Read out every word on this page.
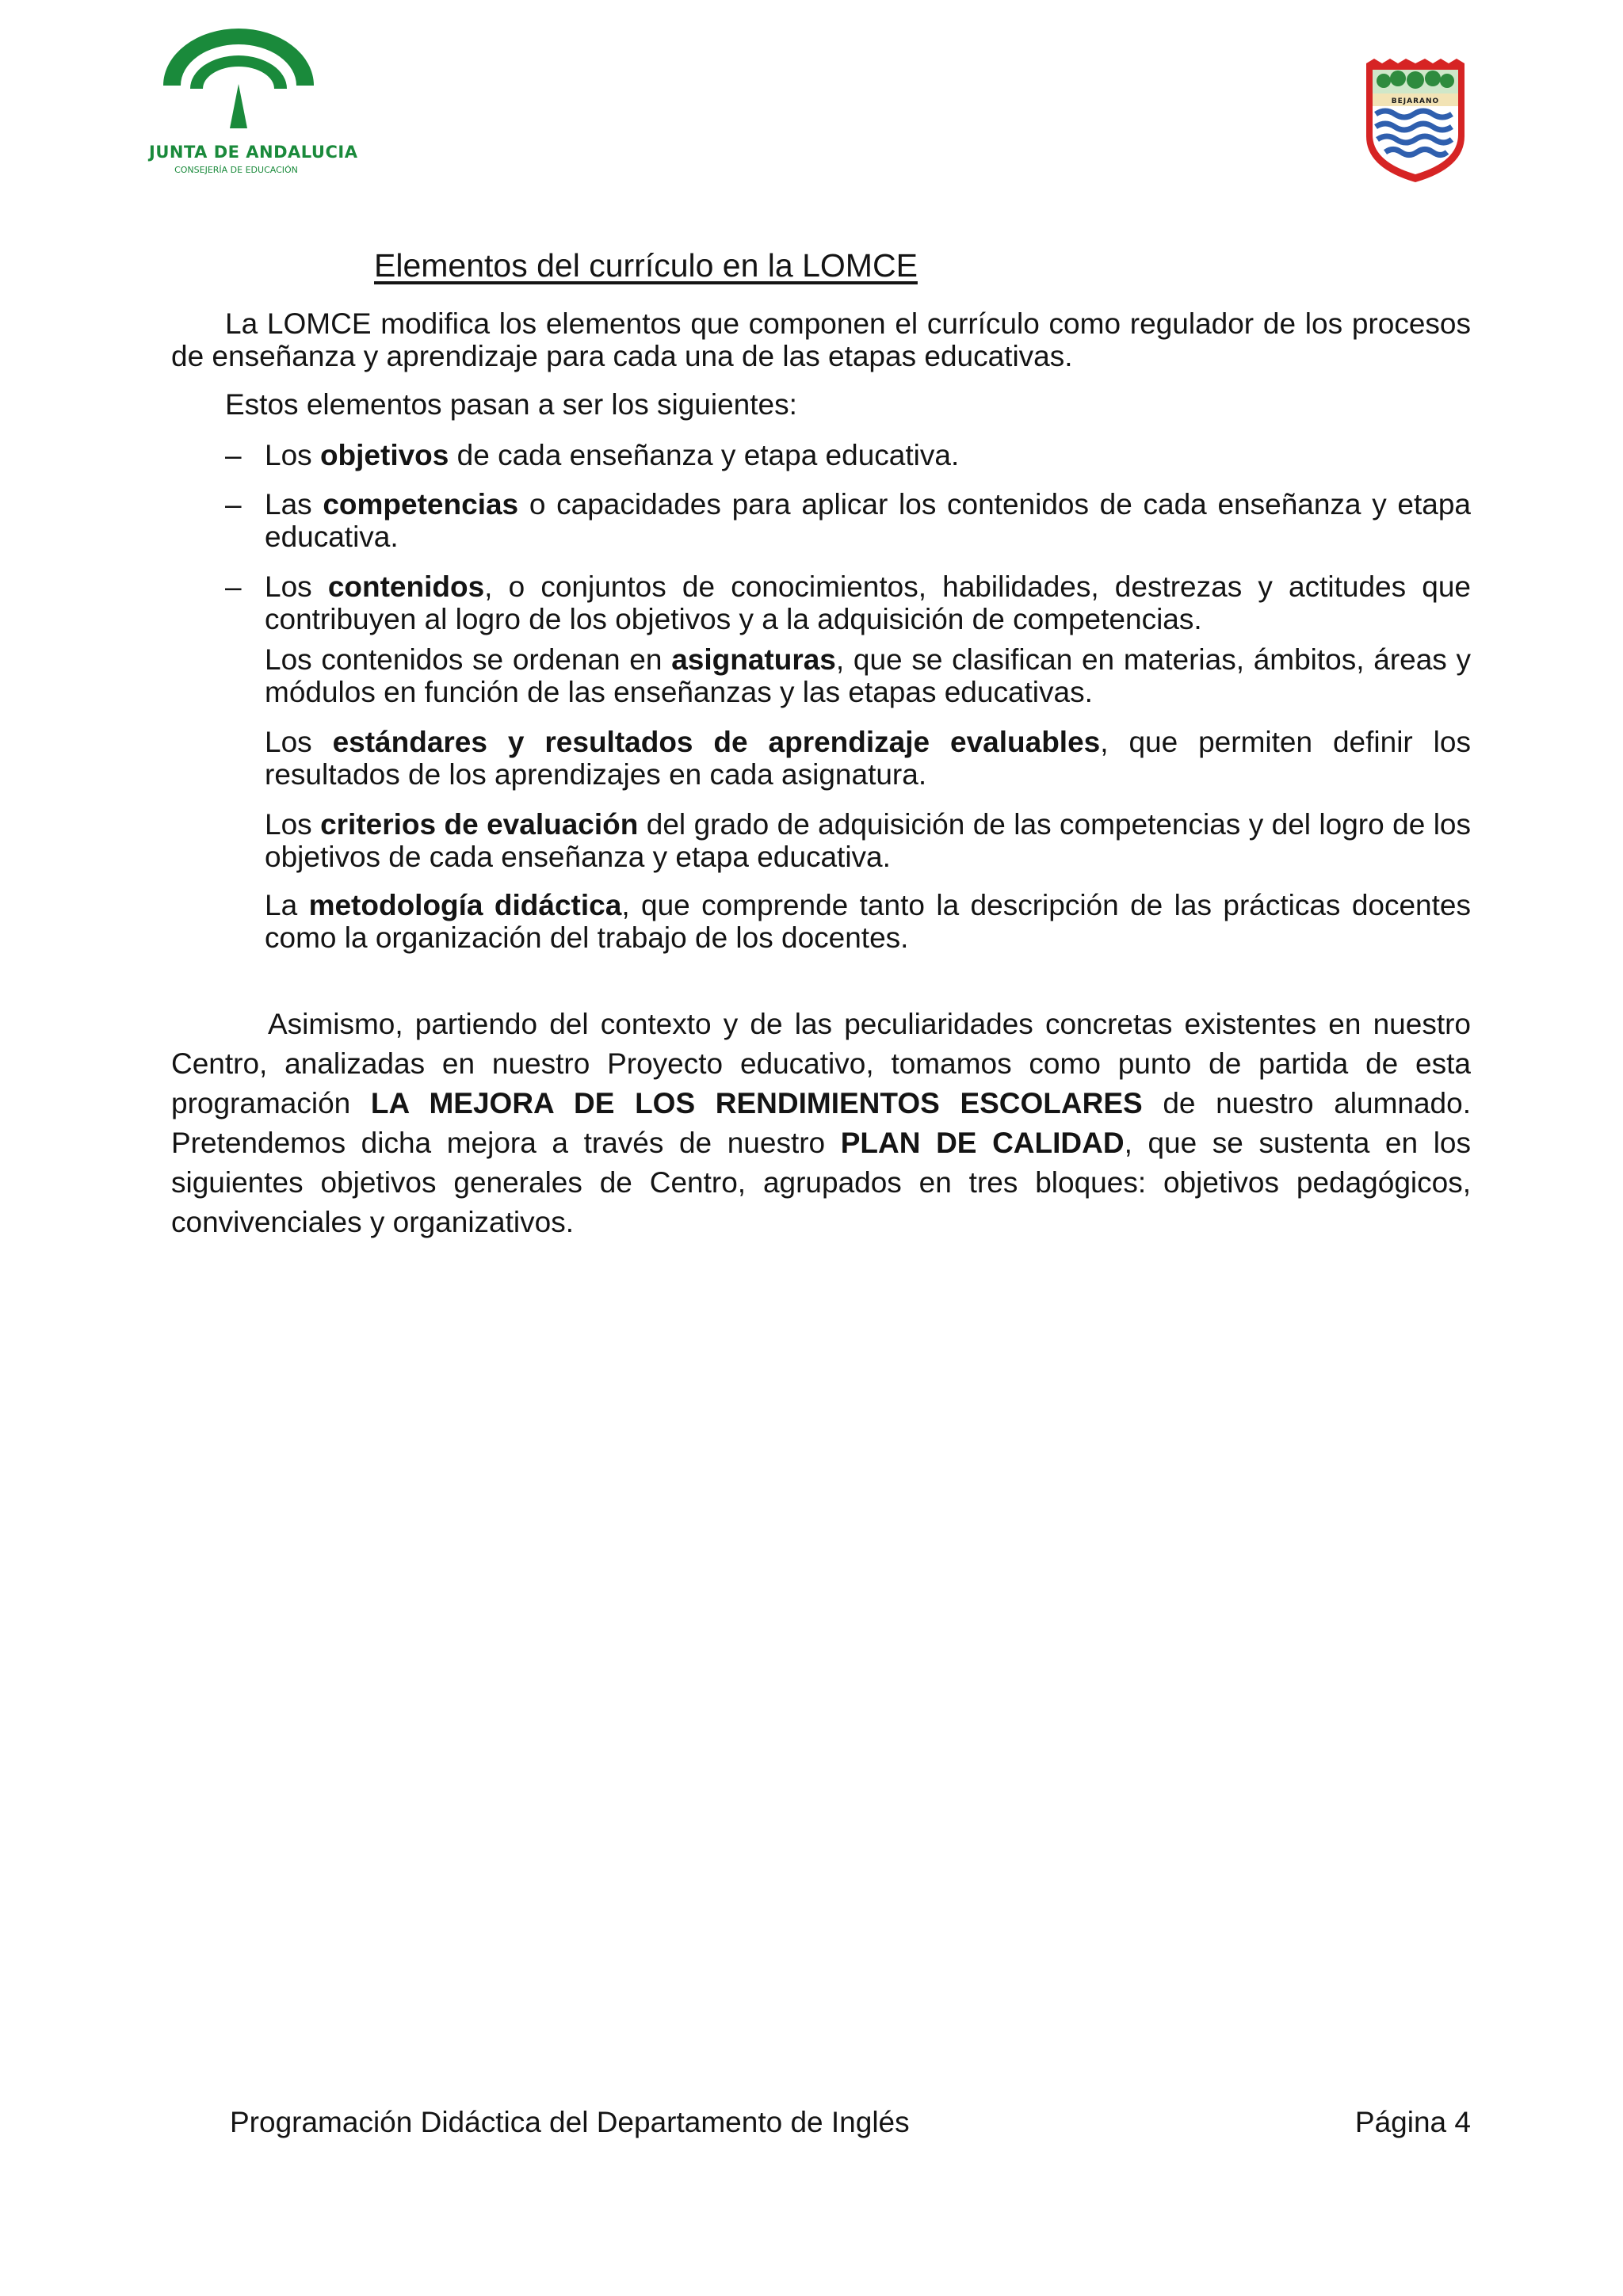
JUNTA DE ANDALUCIA
CONSEJERÍA DE EDUCACIÓN
BEJARANO
Elementos del currículo en la LOMCE

La LOMCE modifica los elementos que componen el currículo como regulador de los procesos de enseñanza y aprendizaje para cada una de las etapas educativas.

Estos elementos pasan a ser los siguientes:

– Los objetivos de cada enseñanza y etapa educativa.
– Las competencias o capacidades para aplicar los contenidos de cada enseñanza y etapa educativa.
– Los contenidos, o conjuntos de conocimientos, habilidades, destrezas y actitudes que contribuyen al logro de los objetivos y a la adquisición de competencias.
Los contenidos se ordenan en asignaturas, que se clasifican en materias, ámbitos, áreas y módulos en función de las enseñanzas y las etapas educativas.
Los estándares y resultados de aprendizaje evaluables, que permiten definir los resultados de los aprendizajes en cada asignatura.
Los criterios de evaluación del grado de adquisición de las competencias y del logro de los objetivos de cada enseñanza y etapa educativa.
La metodología didáctica, que comprende tanto la descripción de las prácticas docentes como la organización del trabajo de los docentes.

Asimismo, partiendo del contexto y de las peculiaridades concretas existentes en nuestro Centro, analizadas en nuestro Proyecto educativo, tomamos como punto de partida de esta programación LA MEJORA DE LOS RENDIMIENTOS ESCOLARES de nuestro alumnado. Pretendemos dicha mejora a través de nuestro PLAN DE CALIDAD, que se sustenta en los siguientes objetivos generales de Centro, agrupados en tres bloques: objetivos pedagógicos, convivenciales y organizativos.

Programación Didáctica del Departamento de Inglés	Página 4
